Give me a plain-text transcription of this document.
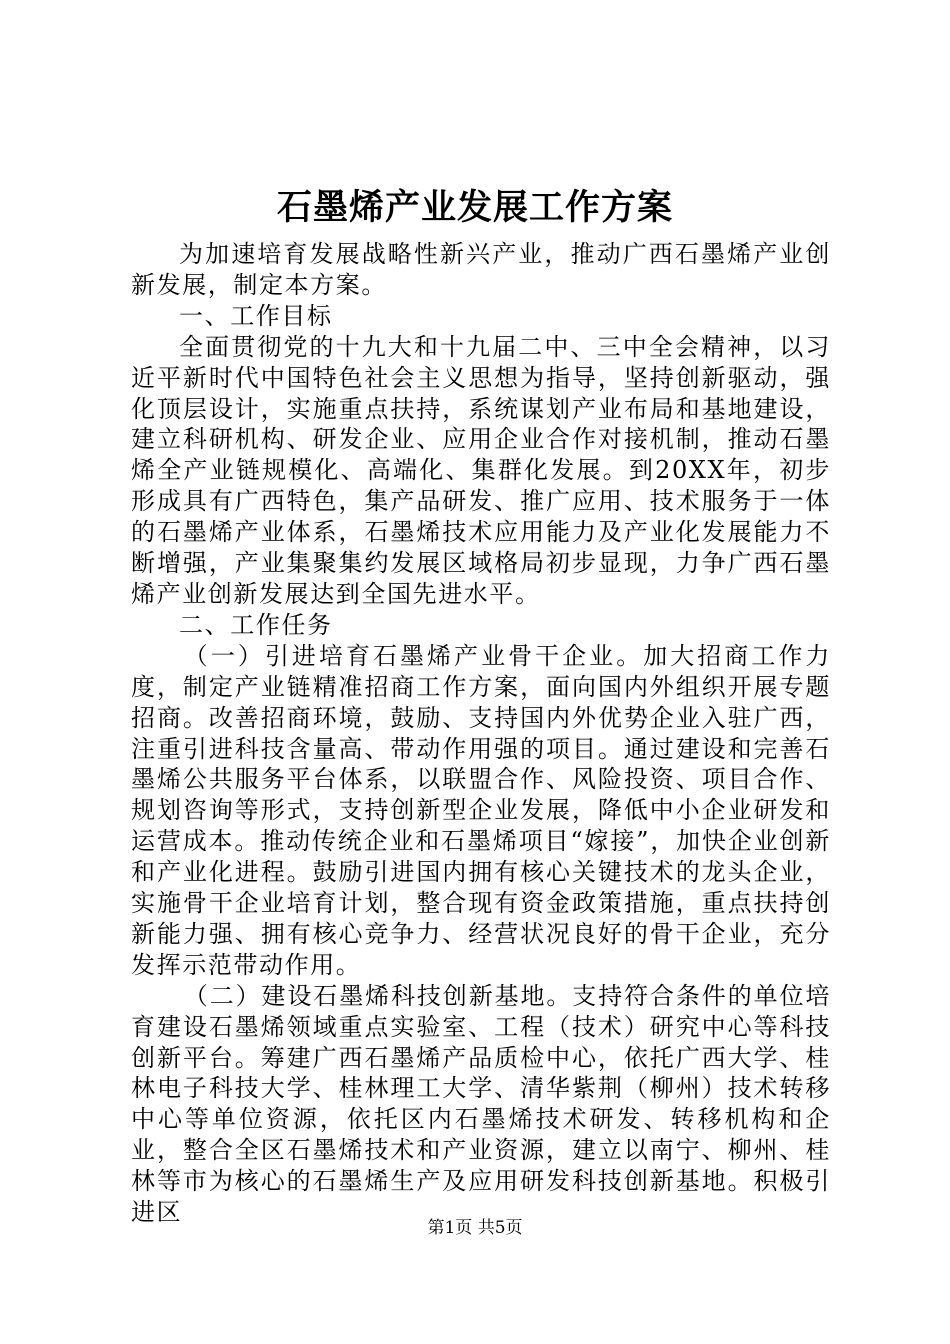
石墨烯产业发展工作方案

为加速培育发展战略性新兴产业，推动广西石墨烯产业创新发展，制定本方案。

一、工作目标

全面贯彻党的十九大和十九届二中、三中全会精神，以习近平新时代中国特色社会主义思想为指导，坚持创新驱动，强化顶层设计，实施重点扶持，系统谋划产业布局和基地建设，建立科研机构、研发企业、应用企业合作对接机制，推动石墨烯全产业链规模化、高端化、集群化发展。到20XX年，初步形成具有广西特色，集产品研发、推广应用、技术服务于一体的石墨烯产业体系，石墨烯技术应用能力及产业化发展能力不断增强，产业集聚集约发展区域格局初步显现，力争广西石墨烯产业创新发展达到全国先进水平。

二、工作任务

（一）引进培育石墨烯产业骨干企业。加大招商工作力度，制定产业链精准招商工作方案，面向国内外组织开展专题招商。改善招商环境，鼓励、支持国内外优势企业入驻广西，注重引进科技含量高、带动作用强的项目。通过建设和完善石墨烯公共服务平台体系，以联盟合作、风险投资、项目合作、规划咨询等形式，支持创新型企业发展，降低中小企业研发和运营成本。推动传统企业和石墨烯项目“嫁接”，加快企业创新和产业化进程。鼓励引进国内拥有核心关键技术的龙头企业，实施骨干企业培育计划，整合现有资金政策措施，重点扶持创新能力强、拥有核心竞争力、经营状况良好的骨干企业，充分发挥示范带动作用。

（二）建设石墨烯科技创新基地。支持符合条件的单位培育建设石墨烯领域重点实验室、工程（技术）研究中心等科技创新平台。筹建广西石墨烯产品质检中心，依托广西大学、桂林电子科技大学、桂林理工大学、清华紫荆（柳州）技术转移中心等单位资源，依托区内石墨烯技术研发、转移机构和企业，整合全区石墨烯技术和产业资源，建立以南宁、柳州、桂林等市为核心的石墨烯生产及应用研发科技创新基地。积极引进区

第1页 共5页
